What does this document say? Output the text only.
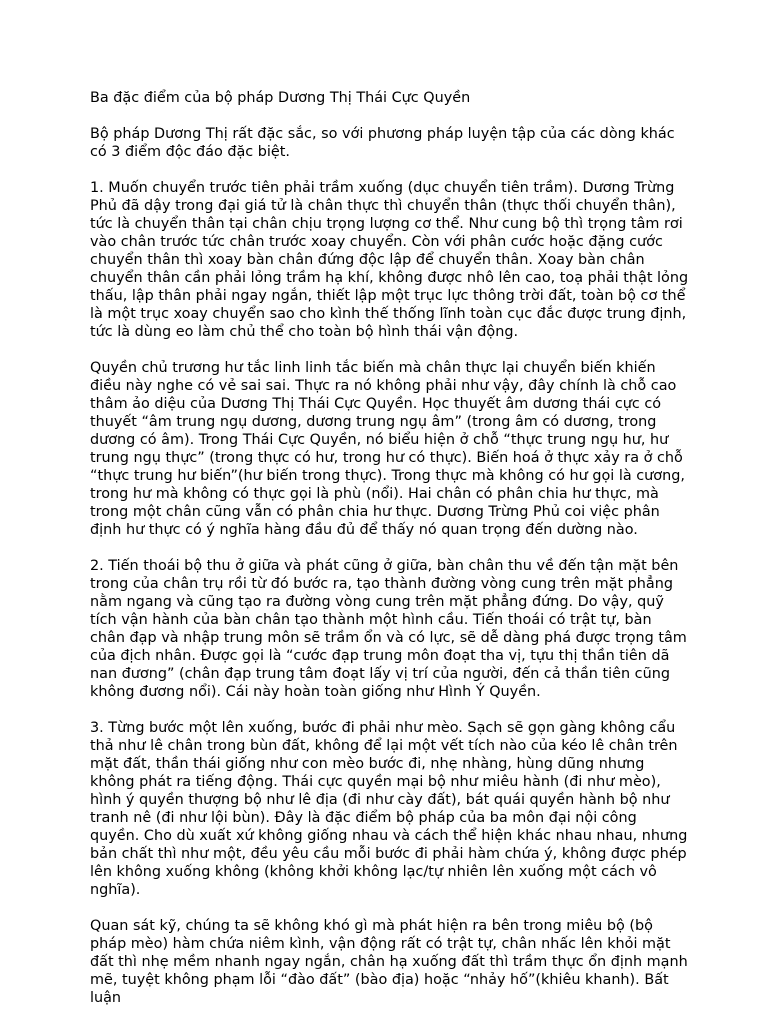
Ba đặc điểm của bộ pháp Dương Thị Thái Cực Quyền

Bộ pháp Dương Thị rất đặc sắc, so với phương pháp luyện tập của các dòng khác có 3 điểm độc đáo đặc biệt.

1. Muốn chuyển trước tiên phải trầm xuống (dục chuyển tiên trầm). Dương Trừng Phủ đã dậy trong đại giá tử là chân thực thì chuyển thân (thực thối chuyển thân), tức là chuyển thân tại chân chịu trọng lượng cơ thể. Như cung bộ thì trọng tâm rơi vào chân trước tức chân trước xoay chuyển. Còn với phân cước hoặc đặng cước chuyển thân thì xoay bàn chân đứng độc lập để chuyển thân. Xoay bàn chân chuyển thân cần phải lỏng trầm hạ khí, không được nhô lên cao, toạ phải thật lỏng thấu, lập thân phải ngay ngắn, thiết lập một trục lực thông trời đất, toàn bộ cơ thể là một trục xoay chuyển sao cho kình thế thống lĩnh toàn cục đắc được trung định, tức là dùng eo làm chủ thể cho toàn bộ hình thái vận động.

Quyền chủ trương hư tắc linh linh tắc biến mà chân thực lại chuyển biến khiến điều này nghe có vẻ sai sai. Thực ra nó không phải như vậy, đây chính là chỗ cao thâm ảo diệu của Dương Thị Thái Cực Quyền. Học thuyết âm dương thái cực có thuyết “âm trung ngụ dương, dương trung ngụ âm” (trong âm có dương, trong dương có âm). Trong Thái Cực Quyền, nó biểu hiện ở chỗ “thực trung ngụ hư, hư trung ngụ thực” (trong thực có hư, trong hư có thực). Biến hoá ở thực xảy ra ở chỗ “thực trung hư biến”(hư biến trong thực). Trong thực mà không có hư gọi là cương, trong hư mà không có thực gọi là phù (nổi). Hai chân có phân chia hư thực, mà trong một chân cũng vẫn có phân chia hư thực. Dương Trừng Phủ coi việc phân định hư thực có ý nghĩa hàng đầu đủ để thấy nó quan trọng đến dường nào.

2. Tiến thoái bộ thu ở giữa và phát cũng ở giữa, bàn chân thu về đến tận mặt bên trong của chân trụ rồi từ đó bước ra, tạo thành đường vòng cung trên mặt phẳng nằm ngang và cũng tạo ra đường vòng cung trên mặt phẳng đứng. Do vậy, quỹ tích vận hành của bàn chân tạo thành một hình cầu. Tiến thoái có trật tự, bàn chân đạp và nhập trung môn sẽ trầm ổn và có lực, sẽ dễ dàng phá được trọng tâm của địch nhân. Được gọi là “cước đạp trung môn đoạt tha vị, tựu thị thần tiên dã nan đương” (chân đạp trung tâm đoạt lấy vị trí của người, đến cả thần tiên cũng không đương nổi). Cái này hoàn toàn giống như Hình Ý Quyền.

3. Từng bước một lên xuống, bước đi phải như mèo. Sạch sẽ gọn gàng không cẩu thả như lê chân trong bùn đất, không để lại một vết tích nào của kéo lê chân trên mặt đất, thần thái giống như con mèo bước đi, nhẹ nhàng, hùng dũng nhưng không phát ra tiếng động. Thái cực quyền mại bộ như miêu hành (đi như mèo), hình ý quyền thượng bộ như lê địa (đi như cày đất), bát quái quyền hành bộ như tranh nê (đi như lội bùn). Đây là đặc điểm bộ pháp của ba môn đại nội công quyền. Cho dù xuất xứ không giống nhau và cách thể hiện khác nhau nhau, nhưng bản chất thì như một, đều yêu cầu mỗi bước đi phải hàm chứa ý, không được phép lên không xuống không (không khởi không lạc/tự nhiên lên xuống một cách vô nghĩa).

Quan sát kỹ, chúng ta sẽ không khó gì mà phát hiện ra bên trong miêu bộ (bộ pháp mèo) hàm chứa niêm kình, vận động rất có trật tự, chân nhấc lên khỏi mặt đất thì nhẹ mềm nhanh ngay ngắn, chân hạ xuống đất thì trầm thực ổn định mạnh mẽ, tuyệt không phạm lỗi “đào đất” (bào địa) hoặc “nhảy hố”(khiêu khanh). Bất luận
